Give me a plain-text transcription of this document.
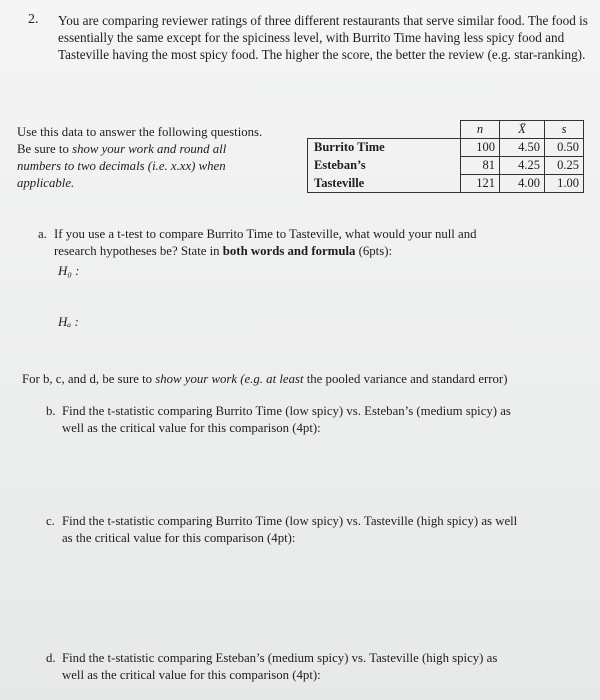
2. You are comparing reviewer ratings of three different restaurants that serve similar food. The food is essentially the same except for the spiciness level, with Burrito Time having less spicy food and Tasteville having the most spicy food. The higher the score, the better the review (e.g. star-ranking).
Use this data to answer the following questions.
Be sure to show your work and round all
numbers to two decimals (i.e. x.xx) when
applicable.
	n	X̄	s
Burrito Time	100	4.50	0.50
Esteban’s	81	4.25	0.25
Tasteville	121	4.00	1.00
a. If you use a t-test to compare Burrito Time to Tasteville, what would your null and
research hypotheses be? State in both words and formula (6pts):
H₀ :
Hₐ :
For b, c, and d, be sure to show your work (e.g. at least the pooled variance and standard error)
b. Find the t-statistic comparing Burrito Time (low spicy) vs. Esteban’s (medium spicy) as
well as the critical value for this comparison (4pt):
c. Find the t-statistic comparing Burrito Time (low spicy) vs. Tasteville (high spicy) as well
as the critical value for this comparison (4pt):
d. Find the t-statistic comparing Esteban’s (medium spicy) vs. Tasteville (high spicy) as
well as the critical value for this comparison (4pt):
